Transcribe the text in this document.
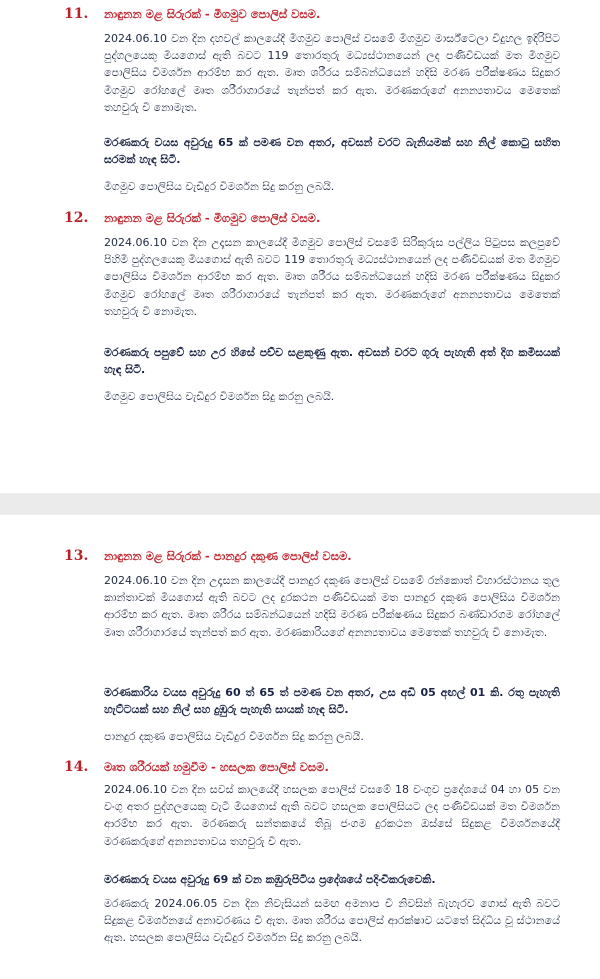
11. නාඳුනන මළ සිරුරක් - මීගමුව පොලිස් වසම.

2024.06.10 වන දින දහවල් කාලයේදී මීගමුව පොලිස් වසමේ මීගමුව මාර්ස්ටෙලා විදුහල ඉදිරිපිට පුද්ගලයෙකු මියගොස් ඇති බවට 119 තොරතුරු මධ්‍යස්ථානයෙන් ලද පණිවිඩයක් මත මීගමුව පොලිසිය විමර්ශන ආරම්භ කර ඇත. මෘත ශරීරය සම්බන්ධයෙන් හදිසි මරණ පරීක්ෂණය සිදුකර මීගමුව රෝහලේ මෘත ශරීරාගාරයේ තැන්පත් කර ඇත. මරණකරුගේ අනන්‍යතාවය මෙතෙක් තහවුරු වී නොමැත.

මරණකරු වයස අවුරුදු 65 ක් පමණ වන අතර, අවසන් වරට බැනියමක් සහ නිල් කොටු සහිත සරමක් හැඳ සිටී.

මීගමුව පොලිසිය වැඩිදුර විමර්ශන සිදු කරනු ලබයි.

12. නාඳුනන මළ සිරුරක් - මීගමුව පොලිස් වසම.

2024.06.10 වන දින උදෑසන කාලයේදී මීගමුව පොලිස් වසමේ සිරිකුරුස පල්ලිය පිටුපස කලපුවේ පිහිමි පුද්ගලයෙකු මියගොස් ඇති බවට 119 තොරතුරු මධ්‍යස්ථානයෙන් ලද පණිවිඩයක් මත මීගමුව පොලිසිය විමර්ශන ආරම්භ කර ඇත. මෘත ශරීරය සම්බන්ධයෙන් හදිසි මරණ පරීක්ෂණය සිදුකර මීගමුව රෝහලේ මෘත ශරීරාගාරයේ තැන්පත් කර ඇත. මරණකරුගේ අනන්‍යතාවය මෙතෙක් තහවුරු වී නොමැත.

මරණකරු පපුවේ සහ උර හිසේ පච්ච සළකුණු ඇත. අවසන් වරට ගුරු පැහැති අත් දිග කමිසයක් හැඳ සිටී.

මීගමුව පොලිසිය වැඩිදුර විමර්ශන සිදු කරනු ලබයි.

13. නාඳුනන මළ සිරුරක් - පානදුර දකුණ පොලිස් වසම.

2024.06.10 වන දින උදෑසන කාලයේදී පානදුර දකුණ පොලිස් වසමේ රන්කොත් විහාරස්ථානය තුල කාන්තාවක් මියගොස් ඇති බවට ලද දුරකථන පණිවිඩයක් මත පානදුර දකුණ පොලිසිය විමර්ශන ආරම්භ කර ඇත. මෘත ශරීරය සම්බන්ධයෙන් හදිසි මරණ පරීක්ෂණය සිදුකර බණ්ඩාරගම රෝහලේ මෘත ශරීරාගාරයේ තැන්පත් කර ඇත. මරණකාරියගේ අනන්‍යතාවය මෙතෙක් තහවුරු වී නොමැත.

මරණකාරිය වයස අවුරුදු 60 ත් 65 ත් පමණ වන අතර, උස අඩි 05 අඟල් 01 කි. රතු පැහැති හැට්ටයක් සහ නිල් සහ දුඹුරු පැහැති සායක් හැඳ සිටී.

පානදුර දකුණ පොලිසිය වැඩිදුර විමර්ශන සිදු කරනු ලබයි.

14. මෘත ශරීරයක් හමුවීම - හසලක පොලිස් වසම.

2024.06.10 වන දින සවස් කාලයේදී හසලක පොලිස් වසමේ 18 වංගුව ප්‍රදේශයේ 04 හා 05 වන වංගු අතර පුද්ගලයෙකු වැටී මියගොස් ඇති බවට හසලක පොලිසියට ලද පණිවිඩයක් මත විමර්ශන ආරම්භ කර ඇත. මරණකරු සන්තකයේ තිබූ ජංගම දුරකථන ඔස්සේ සිදුකළ විමර්ශනයේදී මරණකරුගේ අනන්‍යතාවය තහවුරු වී ඇත.

මරණකරු වයස අවුරුදු 69 ක් වන කඹුරුපිටිය ප්‍රදේශයේ පදිංචිකරුවෙකි.

මරණකරු 2024.06.05 වන දින නිවැසියන් සමඟ අමනාප වී නිවසින් බැහැරව ගොස් ඇති බවට සිදුකළ විමර්ශනයේ අනාවරණය වී ඇත. මෘත ශරීරය පොලිස් ආරක්ෂාව යටතේ සිද්ධිය වූ ස්ථානයේ ඇත. හසලක පොලිසිය වැඩිදුර විමර්ශන සිදු කරනු ලබයි.
